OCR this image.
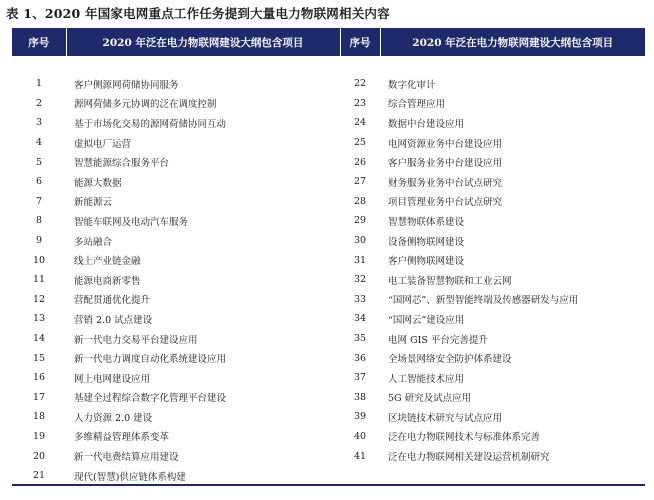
表 1、2020 年国家电网重点工作任务提到大量电力物联网相关内容
序号	2020 年泛在电力物联网建设大纲包含项目	序号	2020 年泛在电力物联网建设大纲包含项目

1	客户侧源网荷储协同服务	22	数字化审计
2	源网荷储多元协调的泛在调度控制	23	综合管理应用
3	基于市场化交易的源网荷储协同互动	24	数据中台建设应用
4	虚拟电厂运营	25	电网资源业务中台建设应用
5	智慧能源综合服务平台	26	客户服务业务中台建设应用
6	能源大数据	27	财务服务业务中台试点研究
7	新能源云	28	项目管理业务中台试点研究
8	智能车联网及电动汽车服务	29	智慧物联体系建设
9	多站融合	30	设备侧物联网建设
10	线上产业链金融	31	客户侧物联网建设
11	能源电商新零售	32	电工装备智慧物联和工业云网
12	营配贯通优化提升	33	“国网芯”、新型智能终端及传感器研发与应用
13	营销 2.0 试点建设	34	“国网云”建设应用
14	新一代电力交易平台建设应用	35	电网 GIS 平台完善提升
15	新一代电力调度自动化系统建设应用	36	全场景网络安全防护体系建设
16	网上电网建设应用	37	人工智能技术应用
17	基建全过程综合数字化管理平台建设	38	5G 研究及试点应用
18	人力资源 2.0 建设	39	区块链技术研究与试点应用
19	多维精益管理体系变革	40	泛在电力物联网技术与标准体系完善
20	新一代电费结算应用建设	41	泛在电力物联网相关建设运营机制研究
21	现代(智慧)供应链体系构建		
